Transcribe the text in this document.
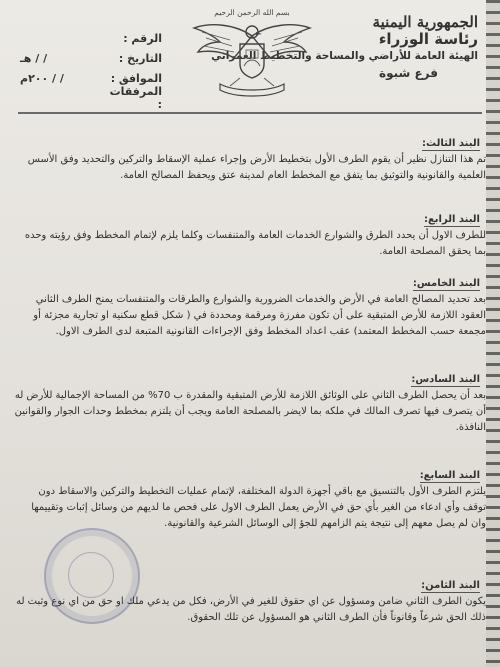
الجمهورية اليمنية
رئاسة الوزراء
الهيئة العامة للأراضي والمساحة والتخطيط العمراني
فرع شبوة
بسم الله الرحمن الرحيم
الرقم :
التاريخ :
/ / هـ
الموافق :
/ / ٢٠٠م
المرفقات :
البند الثالث:
تم هذا التنازل نظير أن يقوم الطرف الأول بتخطيط الأرض وإجراء عملية الإسقاط والتركين والتحديد وفق الأسس العلمية والقانونية والتوثيق بما يتفق مع المخطط العام لمدينة عتق ويحفظ المصالح العامة.
البند الرابع:
للطرف الاول أن يحدد الطرق والشوارع الخدمات العامة والمتنفسات وكلما يلزم لإتمام المخطط وفق رؤيته وحده بما يحقق المصلحة العامة.
البند الخامس:
بعد تحديد المصالح العامة في الأرض والخدمات الضرورية والشوارع والطرقات والمتنفسات يمنح الطرف الثاني العقود اللازمة للأرض المتبقية على أن تكون مفرزة ومرقمة ومحددة في ( شكل قطع سكنية او تجارية مجزئة أو مجمعة حسب المخطط المعتمد) عقب اعداد المخطط وفق الإجراءات القانونية المتبعة لدى الطرف الاول.
البند السادس:
بعد أن يحصل الطرف الثاني على الوثائق اللازمة للأرض المتبقية والمقدرة ب 70% من المساحة الإجمالية للأرض له أن يتصرف فيها تصرف المالك في ملكه بما لايضر بالمصلحة العامة ويجب أن يلتزم بمخطط وحدات الجوار والقوانين النافذة.
البند السابع:
يلتزم الطرف الأول بالتنسيق مع باقي أجهزة الدولة المختلفة، لإتمام عمليات التخطيط والتركين والاسقاط دون توقف وأي ادعاء من الغير بأي حق في الأرض يعمل الطرف الاول على فحص ما لديهم من وسائل إثبات وتقييمها وان لم يصل معهم إلى نتيجة يتم الزامهم للجؤ إلى الوسائل الشرعية والقانونية.
البند الثامن:
يكون الطرف الثاني ضامن ومسؤول عن اي حقوق للغير في الأرض، فكل من يدعي ملك او حق من اي نوع وثبت له ذلك الحق شرعاً وقانوناً فأن الطرف الثاني هو المسؤول عن تلك الحقوق.
